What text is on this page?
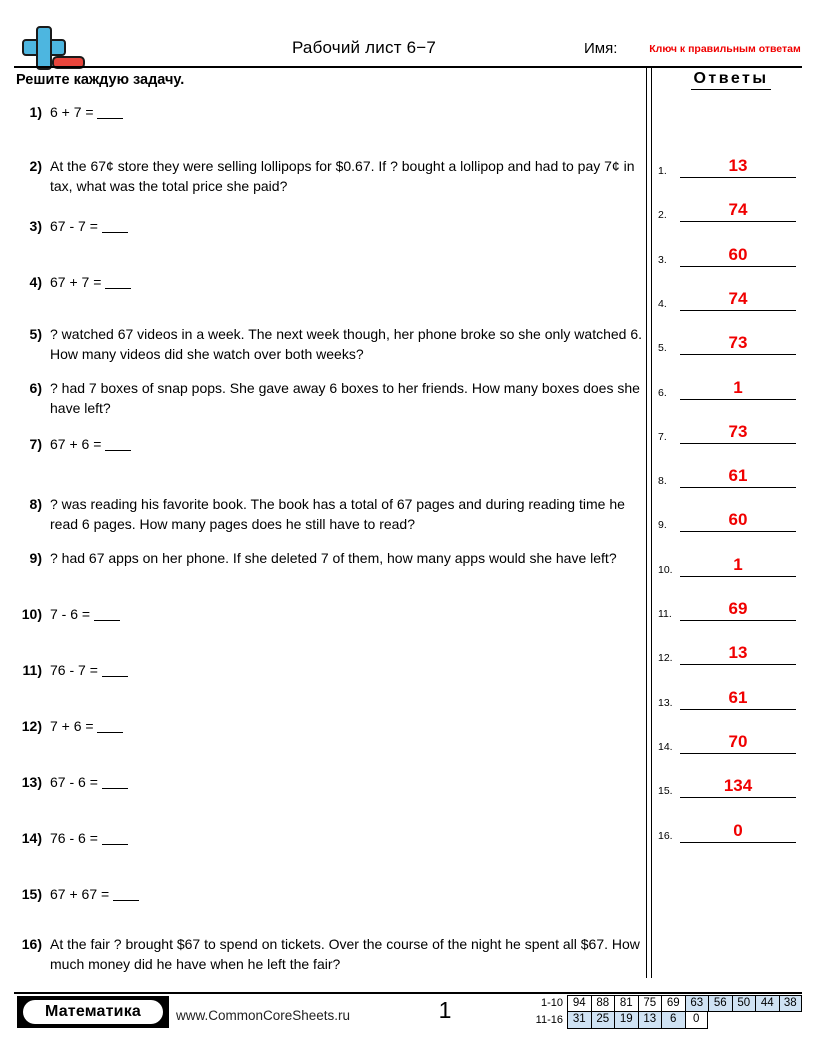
Рабочий лист 6−7	Имя:	Ключ к правильным ответам
Решите каждую задачу.
1) 6 + 7 =
2) At the 67¢ store they were selling lollipops for $0.67. If ? bought a lollipop and had to pay 7¢ in tax, what was the total price she paid?
3) 67 - 7 =
4) 67 + 7 =
5) ? watched 67 videos in a week. The next week though, her phone broke so she only watched 6. How many videos did she watch over both weeks?
6) ? had 7 boxes of snap pops. She gave away 6 boxes to her friends. How many boxes does she have left?
7) 67 + 6 =
8) ? was reading his favorite book. The book has a total of 67 pages and during reading time he read 6 pages. How many pages does he still have to read?
9) ? had 67 apps on her phone. If she deleted 7 of them, how many apps would she have left?
10) 7 - 6 =
11) 76 - 7 =
12) 7 + 6 =
13) 67 - 6 =
14) 76 - 6 =
15) 67 + 67 =
16) At the fair ? brought $67 to spend on tickets. Over the course of the night he spent all $67. How much money did he have when he left the fair?
Ответы
1.	13
2.	74
3.	60
4.	74
5.	73
6.	1
7.	73
8.	61
9.	60
10.	1
11.	69
12.	13
13.	61
14.	70
15.	134
16.	0
Математика	www.CommonCoreSheets.ru	1	1-10 94 88 81 75 69 63 56 50 44 38
11-16 31 25 19 13	6	0
